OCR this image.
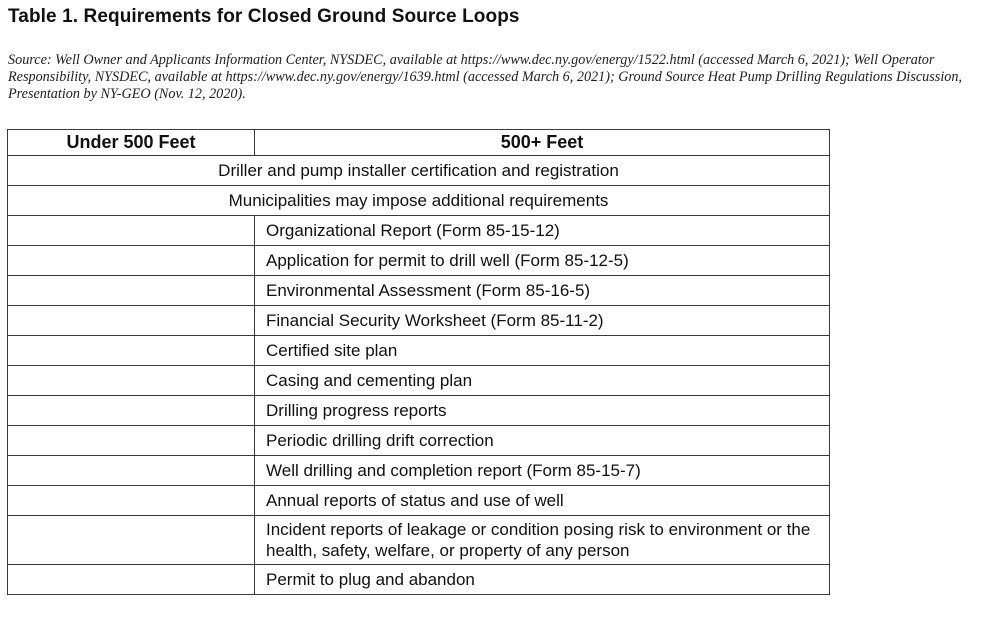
Table 1. Requirements for Closed Ground Source Loops
Source: Well Owner and Applicants Information Center, NYSDEC, available at https://www.dec.ny.gov/energy/1522.html (accessed March 6, 2021); Well Operator Responsibility, NYSDEC, available at https://www.dec.ny.gov/energy/1639.html (accessed March 6, 2021); Ground Source Heat Pump Drilling Regulations Discussion, Presentation by NY-GEO (Nov. 12, 2020).
Under 500 Feet	500+ Feet
Driller and pump installer certification and registration	
Municipalities may impose additional requirements	
	Organizational Report (Form 85-15-12)
	Application for permit to drill well (Form 85-12-5)
	Environmental Assessment (Form 85-16-5)
	Financial Security Worksheet (Form 85-11-2)
	Certified site plan
	Casing and cementing plan
	Drilling progress reports
	Periodic drilling drift correction
	Well drilling and completion report (Form 85-15-7)
	Annual reports of status and use of well
	Incident reports of leakage or condition posing risk to environment or the health, safety, welfare, or property of any person
	Permit to plug and abandon
